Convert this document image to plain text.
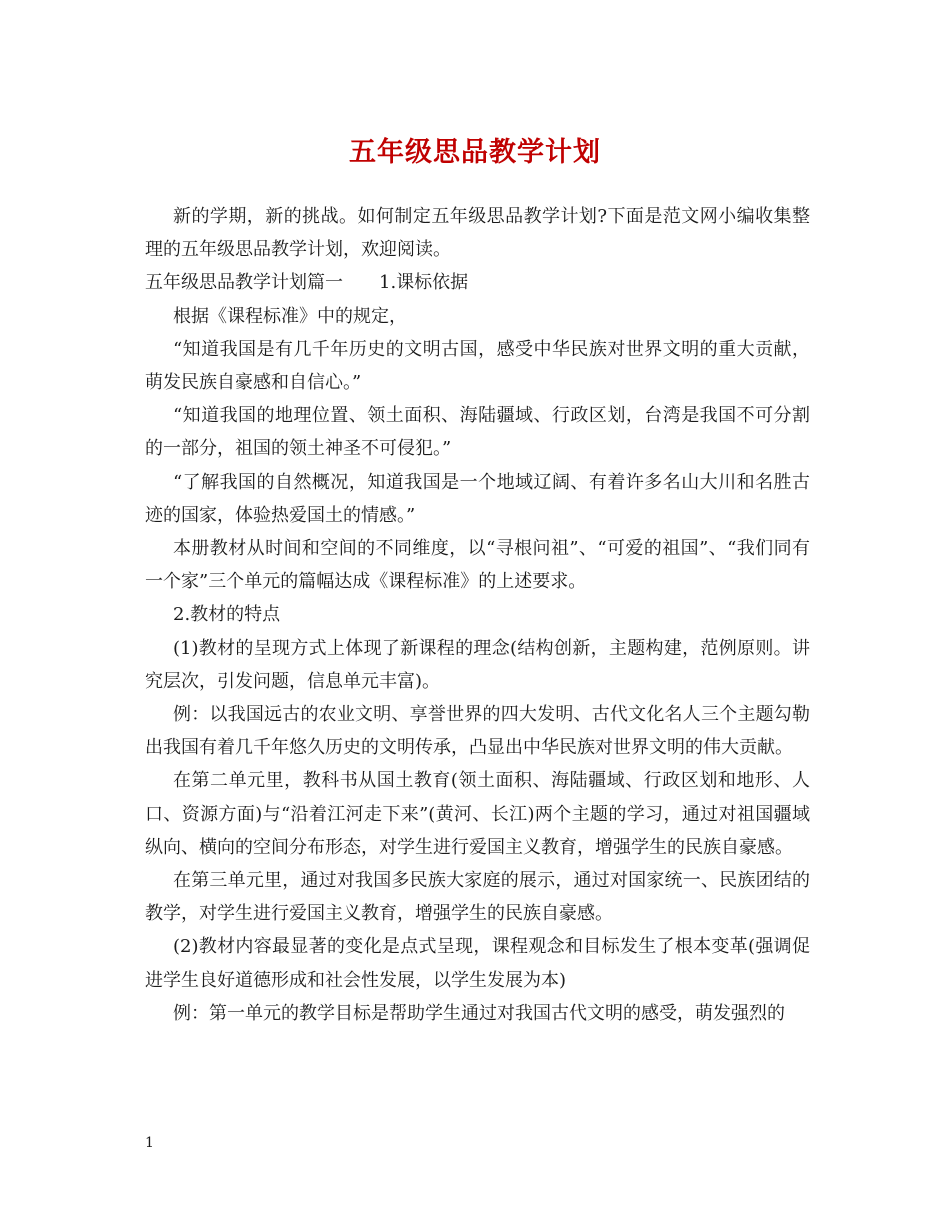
五年级思品教学计划

新的学期，新的挑战。如何制定五年级思品教学计划?下面是范文网小编收集整理的五年级思品教学计划，欢迎阅读。

五年级思品教学计划篇一 1.课标依据

根据《课程标准》中的规定，

“知道我国是有几千年历史的文明古国，感受中华民族对世界文明的重大贡献，萌发民族自豪感和自信心。”

“知道我国的地理位置、领土面积、海陆疆域、行政区划，台湾是我国不可分割的一部分，祖国的领土神圣不可侵犯。”

“了解我国的自然概况，知道我国是一个地域辽阔、有着许多名山大川和名胜古迹的国家，体验热爱国土的情感。”

本册教材从时间和空间的不同维度，以“寻根问祖”、“可爱的祖国”、“我们同有一个家”三个单元的篇幅达成《课程标准》的上述要求。

2.教材的特点

(1)教材的呈现方式上体现了新课程的理念(结构创新，主题构建，范例原则。讲究层次，引发问题，信息单元丰富)。

例：以我国远古的农业文明、享誉世界的四大发明、古代文化名人三个主题勾勒出我国有着几千年悠久历史的文明传承，凸显出中华民族对世界文明的伟大贡献。

在第二单元里，教科书从国土教育(领土面积、海陆疆域、行政区划和地形、人口、资源方面)与“沿着江河走下来”(黄河、长江)两个主题的学习，通过对祖国疆域纵向、横向的空间分布形态，对学生进行爱国主义教育，增强学生的民族自豪感。

在第三单元里，通过对我国多民族大家庭的展示，通过对国家统一、民族团结的教学，对学生进行爱国主义教育，增强学生的民族自豪感。

(2)教材内容最显著的变化是点式呈现，课程观念和目标发生了根本变革(强调促进学生良好道德形成和社会性发展，以学生发展为本)

例：第一单元的教学目标是帮助学生通过对我国古代文明的感受，萌发强烈的

1
